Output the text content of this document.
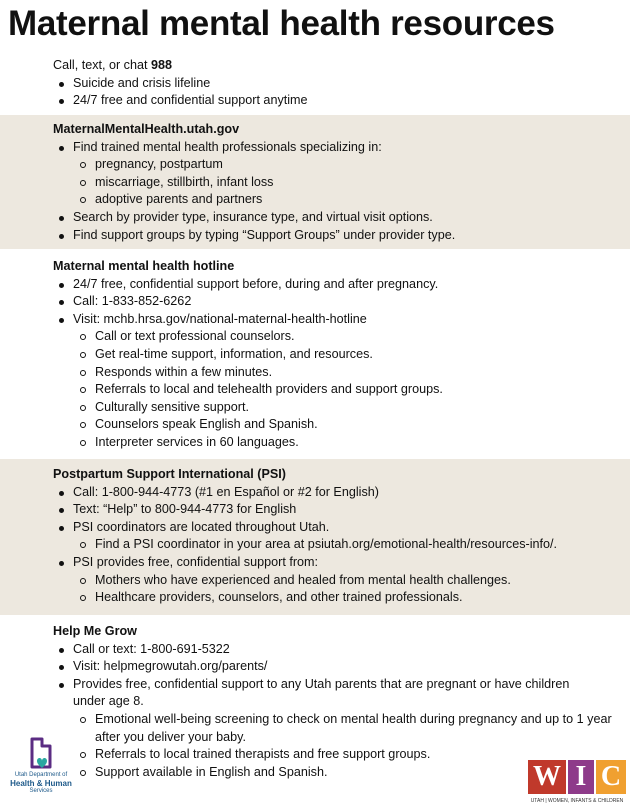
Maternal mental health resources
Call, text, or chat 988
Suicide and crisis lifeline
24/7 free and confidential support anytime
MaternalMentalHealth.utah.gov
Find trained mental health professionals specializing in:
pregnancy, postpartum
miscarriage, stillbirth, infant loss
adoptive parents and partners
Search by provider type, insurance type, and virtual visit options.
Find support groups by typing “Support Groups” under provider type.
Maternal mental health hotline
24/7 free, confidential support before, during and after pregnancy.
Call: 1-833-852-6262
Visit: mchb.hrsa.gov/national-maternal-health-hotline
Call or text professional counselors.
Get real-time support, information, and resources.
Responds within a few minutes.
Referrals to local and telehealth providers and support groups.
Culturally sensitive support.
Counselors speak English and Spanish.
Interpreter services in 60 languages.
Postpartum Support International (PSI)
Call: 1-800-944-4773 (#1 en Español or #2 for English)
Text: “Help” to 800-944-4773 for English
PSI coordinators are located throughout Utah.
Find a PSI coordinator in your area at psiutah.org/emotional-health/resources-info/.
PSI provides free, confidential support from:
Mothers who have experienced and healed from mental health challenges.
Healthcare providers, counselors, and other trained professionals.
Help Me Grow
Call or text: 1-800-691-5322
Visit: helpmegrowutah.org/parents/
Provides free, confidential support to any Utah parents that are pregnant or have children under age 8.
Emotional well-being screening to check on mental health during pregnancy and up to 1 year after you deliver your baby.
Referrals to local trained therapists and free support groups.
Support available in English and Spanish.
Utah Department of
Health & Human
Services	W I C
UTAH | WOMEN, INFANTS & CHILDREN
